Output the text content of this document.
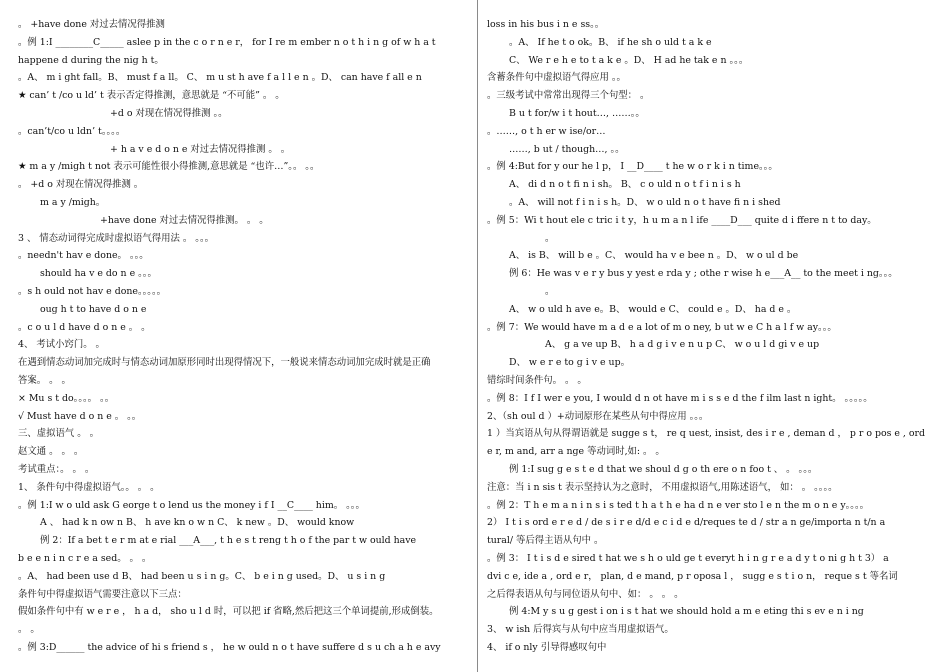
。 +have done 对过去情况得推测
。例 1:I ________C_____ aslee p in the c o r n e r， for I re m ember n o t h i n g of w h a t
happene d during the nig h t。
。A、 m i ght fall。B、 must f a ll。 C、 m u st h ave f a l l e n 。D、 can have f all e n
★ can’ t /co u ld’ t 表示否定得推测，意思就是 “不可能” 。 。
+d o 对现在情况得推测 。。
。can’t/co u ldn’ t。。。。
+ h a v e d o n e 对过去情况得推测 。 。
★ m a y /migh t not 表示可能性很小得推测,意思就是 “也许…”。。 。。
。 +d o 对现在情况得推测 。
m a y /migh。
+have done 对过去情况得推测。 。 。
3 、 情态动词得完成时虚拟语气得用法 。 。。。
。needn't hav e done。 。。。
should ha v e do n e 。。。
。s h ould not hav e done。。。。。
oug h t to have d o n e
。c o u l d have d o n e 。 。
4、 考试小窍门。 。
在遇到情态动词加完成时与情态动词加原形同时出现得情况下，一般说来情态动词加完成时就是正确
答案。 。 。
× Mu s t do。。。。 。。
√ Must have d o n e 。 。。
三、虚拟语气 。 。
赵文通 。 。 。
考试重点：。 。 。
1、 条件句中得虚拟语气。。 。 。
。例 1:I w o uld ask G eorge t o lend us the money i f I __C____ him。 。。。
A 、 had k n ow n B、 h ave kn o w n C、 k new 。D、 would know
例 2：If a bet t e r m at e rial ___A___, t h e s t reng t h o f the par t w ould have
b e e n i n c r e a sed。 。 。
。A、 had been use d B、 had been u s i n g。C、 b e i n g used。D、 u s i n g
条件句中得虚拟语气需要注意以下三点：
假如条件句中有 w e r e ， h a d， sho u l d 时，可以把 if 省略,然后把这三个单词提前,形成倒装。
。 。
。例 3:D______ the advice of hi s friend s ， he w ould n o t have suffere d s u ch a h e avy
loss in his bus i n e ss。。
。A、 If he t o ok。B、 if he sh o uld t a k e
C、 We r e h e to t a k e 。D、 H ad he tak e n 。。。
含蓄条件句中虚拟语气得应用 。。
。三级考试中常常出现得三个句型： 。
B u t for/w i t hout…, ……。。
。……, o t h er w ise/or…
……, b ut / though…, 。。
。例 4:But for y our he l p， I __D____ t he w o r k i n time。。。
A、 di d n o t fi n i sh。 B、 c o uld n o t f i n i s h
。A、 will not f i n i s h。D、 w o uld n o t have fi n i shed
。例 5：Wi t hout ele c tric i t y，h u m a n l ife ____D___ quite d i ffere n t to day。
。
A、 is B、 will b e 。C、 would ha v e bee n 。D、 w o ul d be
例 6：He was v e r y bus y yest e rda y ; othe r wise h e___A__ to the meet i ng。。。
。
A、 w o uld h ave e。B、 would e C、 could e 。D、 ha d e 。
。例 7：We would have m a d e a lot of m o ney, b ut w e C h a l f w ay。。。
A、 g a ve up B、 h a d g i v e n u p C、 w o u l d gi v e up
D、 w e r e to g i v e up。
错综时间条件句。 。 。
。例 8：I f I wer e you, I would d n ot have m i s s e d the f ilm last n ight。 。。。。。
2、（sh oul d ）+动词原形在某些从句中得应用 。。。
1 ）当宾语从句从得谓语就是 sugge s t， re q uest, insist, des i r e , deman d ， p r o pos e , ord
e r, m and, arr a nge 等动词时,如: 。 。
例 1:I sug g e s t e d that we shoul d g o th ere o n foo t 、 。 。。。
注意：当 i n sis t 表示坚持认为之意时， 不用虚拟语气,用陈述语气， 如： 。 。。。。
。例 2：T h e m a n i n s i s ted t h a t h e ha d n e ver sto l e n the m o n e y。。。。
2） I t i s ord e r e d / de s i r e d/d e c i d e d/reques te d / str a n ge/importa n t/n a
tural/ 等后得主语从句中 。
。例 3： I t i s d e sired t hat we s h o uld ge t everyt h i n g r e a d y t o ni g h t 3） a
dvi c e, ide a , ord e r， plan, d e mand, p r oposa l ， sugg e s t i o n， reque s t 等名词
之后得表语从句与同位语从句中、如： 。 。 。
例 4:M y s u g gest i on i s t hat we should hold a m e eting thi s ev e n i ng
3、 w ish 后得宾与从句中应当用虚拟语气。
4、 if o nly 引导得感叹句中
